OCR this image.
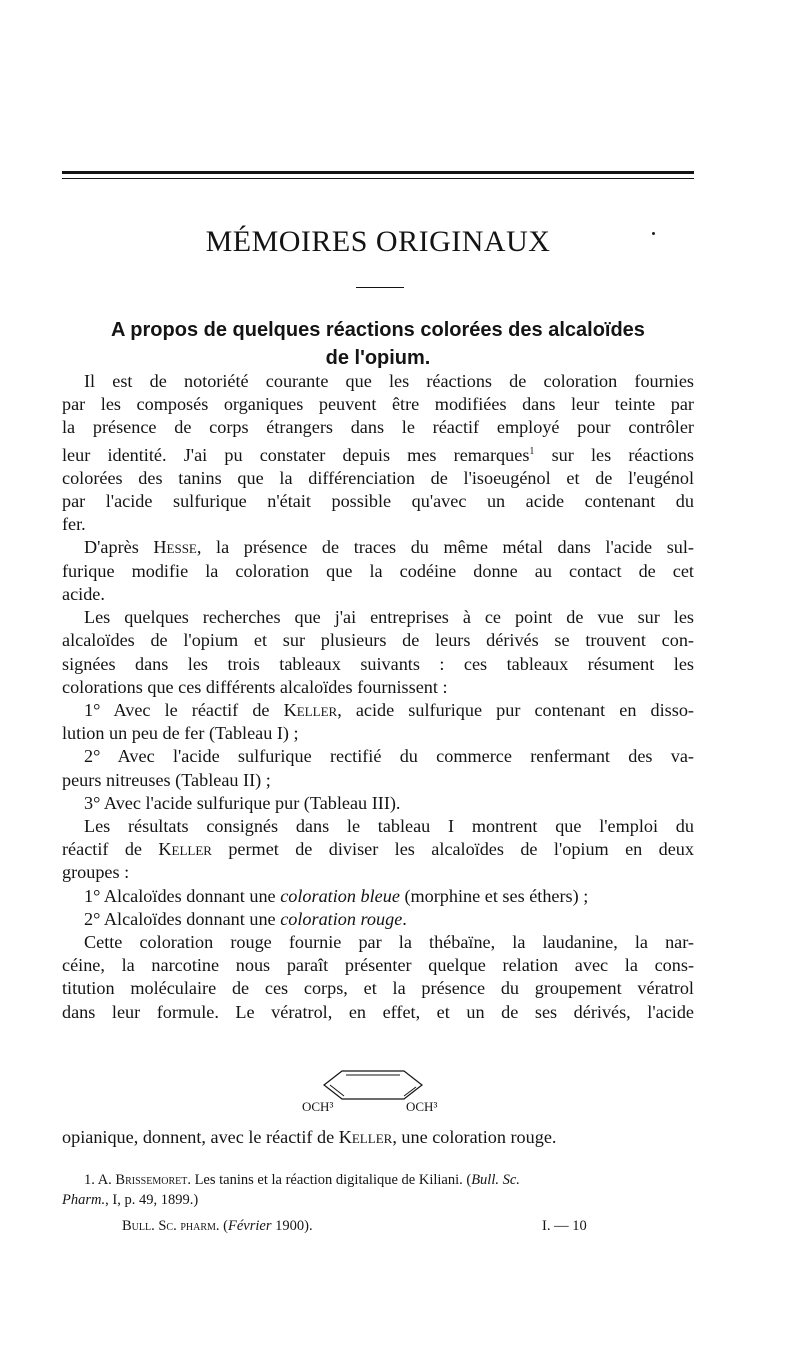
MÉMOIRES ORIGINAUX
A propos de quelques réactions colorées des alcaloïdes
de l'opium.
Il est de notoriété courante que les réactions de coloration fournies
par les composés organiques peuvent être modifiées dans leur teinte par
la présence de corps étrangers dans le réactif employé pour contrôler
leur identité. J'ai pu constater depuis mes remarques$^1$ sur les réactions
colorées des tanins que la différenciation de l'isoeugénol et de l'eugénol
par l'acide sulfurique n'était possible qu'avec un acide contenant du
fer.
D'après Hesse, la présence de traces du même métal dans l'acide sul-
furique modifie la coloration que la codéine donne au contact de cet
acide.
Les quelques recherches que j'ai entreprises à ce point de vue sur les
alcaloïdes de l'opium et sur plusieurs de leurs dérivés se trouvent con-
signées dans les trois tableaux suivants : ces tableaux résument les
colorations que ces différents alcaloïdes fournissent :
1° Avec le réactif de Keller, acide sulfurique pur contenant en disso-
lution un peu de fer (Tableau I) ;
2° Avec l'acide sulfurique rectifié du commerce renfermant des va-
peurs nitreuses (Tableau II) ;
3° Avec l'acide sulfurique pur (Tableau III).
Les résultats consignés dans le tableau I montrent que l'emploi du
réactif de Keller permet de diviser les alcaloïdes de l'opium en deux
groupes :
1° Alcaloïdes donnant une coloration bleue (morphine et ses éthers) ;
2° Alcaloïdes donnant une coloration rouge.
Cette coloration rouge fournie par la thébaïne, la laudanine, la nar-
céine, la narcotine nous paraît présenter quelque relation avec la cons-
titution moléculaire de ces corps, et la présence du groupement vératrol
dans leur formule. Le vératrol, en effet, et un de ses dérivés, l'acide
OCH³	OCH³
opianique, donnent, avec le réactif de Keller, une coloration rouge.
1. A. Brissemoret. Les tanins et la réaction digitalique de Kiliani. (Bull. Sc.
Pharm., I, p. 49, 1899.)
Bull. Sc. pharm. (Février 1900).	I. — 10
